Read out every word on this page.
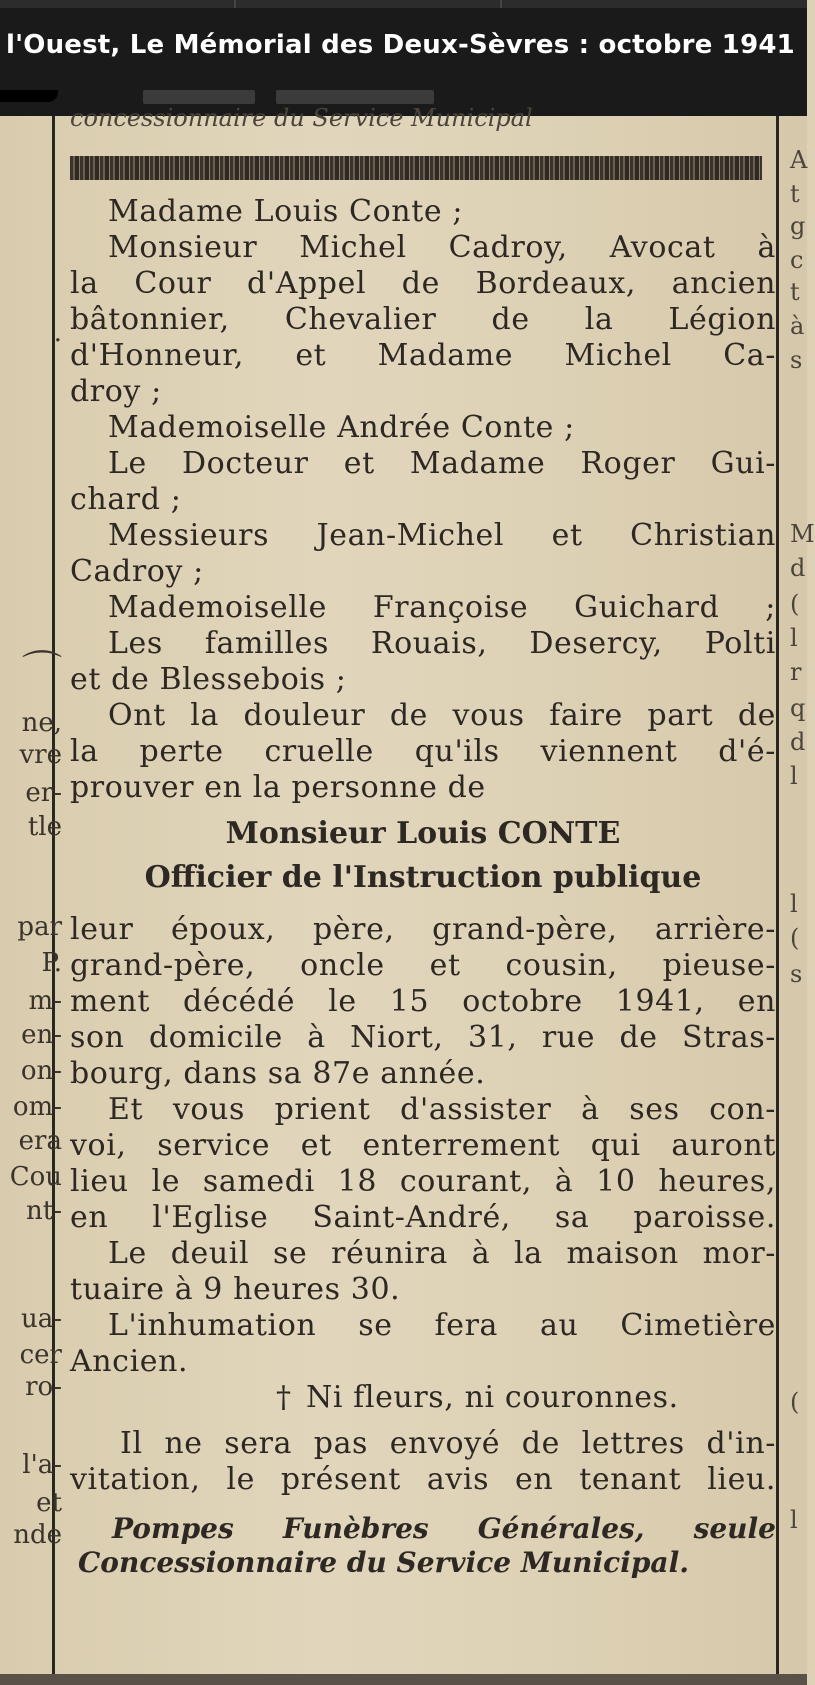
l'Ouest, Le Mémorial des Deux-Sèvres : octobre 1941
concessionnaire du Service Municipal
⌒
·
ne,
vre
er-
tle
par
P.
m-
en-
on-
om-
era
Cou
nt-
ua-
cer
ro-
l'a-
et
nde
A
t
g
c
t
à
s
M
d
(
l
r
q
d
l
l
(
s
(
l
Madame Louis Conte ;
Monsieur Michel Cadroy, Avocat à
la Cour d'Appel de Bordeaux, ancien
bâtonnier, Chevalier de la Légion
d'Honneur, et Madame Michel Ca-
droy ;
Mademoiselle Andrée Conte ;
Le Docteur et Madame Roger Gui-
chard ;
Messieurs Jean-Michel et Christian
Cadroy ;
Mademoiselle Françoise Guichard ;
Les familles Rouais, Desercy, Polti
et de Blessebois ;
Ont la douleur de vous faire part de
la perte cruelle qu'ils viennent d'é-
prouver en la personne de
Monsieur Louis CONTE
Officier de l'Instruction publique
leur époux, père, grand-père, arrière-
grand-père, oncle et cousin, pieuse-
ment décédé le 15 octobre 1941, en
son domicile à Niort, 31, rue de Stras-
bourg, dans sa 87e année.
Et vous prient d'assister à ses con-
voi, service et enterrement qui auront
lieu le samedi 18 courant, à 10 heures,
en l'Eglise Saint-André, sa paroisse.
Le deuil se réunira à la maison mor-
tuaire à 9 heures 30.
L'inhumation se fera au Cimetière
Ancien.
† Ni fleurs, ni couronnes.
Il ne sera pas envoyé de lettres d'in-
vitation, le présent avis en tenant lieu.
Pompes Funèbres Générales, seule
Concessionnaire du Service Municipal.
